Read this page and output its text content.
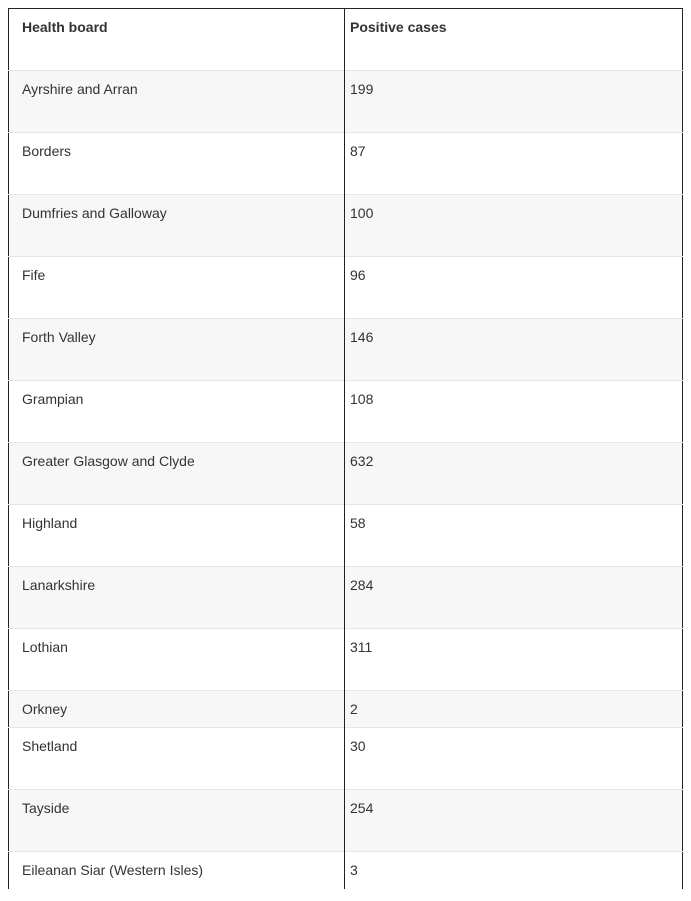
Health board	Positive cases
Ayrshire and Arran	199
Borders	87
Dumfries and Galloway	100
Fife	96
Forth Valley	146
Grampian	108
Greater Glasgow and Clyde	632
Highland	58
Lanarkshire	284
Lothian	311
Orkney	2
Shetland	30
Tayside	254
Eileanan Siar (Western Isles)	3
